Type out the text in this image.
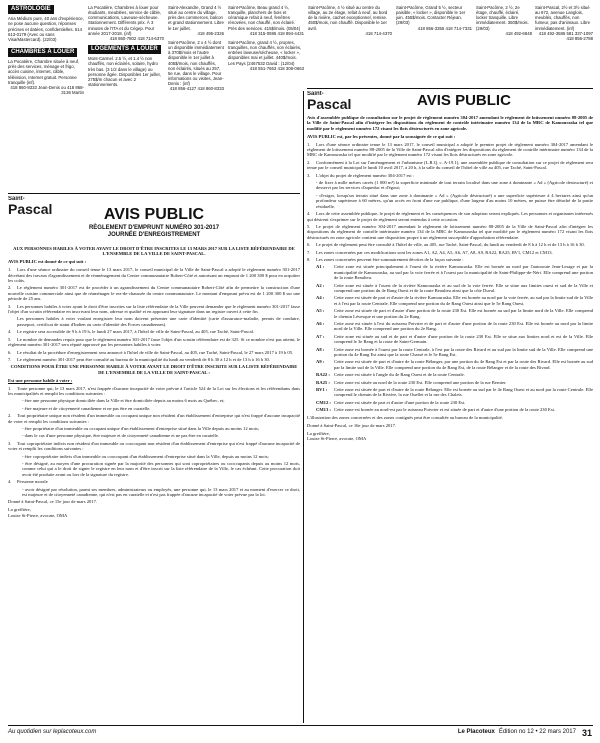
ASTROLOGIE
Ana Médium pure, 40 ans d'expérience, ne pose aucune question, réponses précises et datées, confidentielles. 514 613-0179 (Avec ou sans Visa/Mastercard). (22/03)
CHAMBRES À LOUER
La Pocatière, Chambre située à neuf, près des services, ménage et frigo, accès cuisine, internet, câble, télévision, Internet gratuit. Personne tranquille (inf).
418 860-8333 Jean-Denis ou 418 868-3136 Martin
La Pocatière, Chambres à louer pour étudiants, meublées, service de câble, communications, Laveuse-sécheuse. Stationnement. Différents prix. À 3 minutes de l'ITA et du Cégep. Pour année 2017-2018. (inf)
418 860-7802 418 714-6370
LOGEMENTS À LOUER
Mont-Carmel. 2.5 ½, et 1.4 ½ non chauffés, non éclairés, solaire, hydro très bas. (3 1/2 dans le village) ou personne âgée. Disponibles 1er juillet, 275$/m chacun et avec 2 stationnements.
Saint-Alexandre, Grand 4 ½ situé au centre du village, près des commerces, balcon et grand stationnement. Libre le 1er juillet.
418 495-2326
Saint-Pacôme, 2 x 4 ½ dont un disponible immédiatement à 370$/mois et l'autre disponible le 1er juillet à 405$/mois, non chauffés, non éclairés, situés au 257, 5e rue, dans le village. Pour informations ou visites, Jean-Denis : (inf)
418 856-4127 418 860-8333
Saint-Pacôme, Beau grand 4 ½, tranquille, planchers de bois et céramique refait à neuf, fenêtres rénovées, non chauffé, non éclairé. Près des services. 415$/mois. (05/04)
418 315-0595 418 894-4431
Saint-Pacôme, grand 4 ½, propres, tranquilles, non chauffés, non éclairés, entrées laveuse/sécheuse, « locker », disponibles mai et juillet. 440$/mois. Les Pays (2467532 David : (12/04)
418 551-7663 418 308-0663
Saint-Pacôme, 4 ½ situé au centre du village, au 2e étage, refait à neuf, au bord de la rivière, cachet exceptionnel, remise. 450$/mois, non chauffé. Disponible le 1er avril.
418 714-4370
Saint-Pacôme, Grand 5 ½, secteur paisible, « locker », disponible le 1er juin. 455$/mois. Contacter Réjean. (29/03)
418 856-3355 418 714-7331
Saint-Pacôme, 2 ½, 2e étage, chauffé, éclairé, locker tranquille. Libre immédiatement. 350$/mois. (29/03)
418 492-6848
Saint-Pascal, 2½ et 3½ situé au 672, avenue Langlois, meublés, chauffés, non fumeur, pas d'animaux. Libre immédiatement. (inf)
418 492-3586 581 337-1097 418 856-2788
Saint-
Pascal	AVIS PUBLIC

Avis d'assemblée publique de consultation sur le projet de règlement numéro 304-2017 amendant le règlement de lotissement numéro 88-2005 de la Ville de Saint-Pascal afin d'intégrer les dispositions du règlement de contrôle intérimaire numéro 134 de la MRC de Kamouraska tel que modifié par le règlement numéro 172 visant les îlots déstructurés en zone agricole.

AVIS PUBLIC est, par les présentes, donné par la soussignée de ce qui suit :

1. Lors d'une séance ordinaire tenue le 13 mars 2017, le conseil municipal a adopté le premier projet de règlement numéro 304-2017 amendant le règlement de lotissement numéro 88-2005 de la Ville de Saint-Pascal afin d'intégrer les dispositions du règlement de contrôle intérimaire numéro 134 de la MRC de Kamouraska tel que modifié par le règlement numéro 172 visant les îlots déstructurés en zone agricole.
2. Conformément à la Loi sur l'aménagement et l'urbanisme (L.R.Q. c. A-19.1), une assemblée publique de consultation sur ce projet de règlement sera tenue par le conseil municipal le lundi 10 avril 2017, à 20 h, à la salle du conseil de l'hôtel de ville au 405, rue Taché, Saint-Pascal.
3. L'objet du projet de règlement numéro 304-2017 est :
- de fixer à mille mètres carrés (1 000 m²) la superficie minimale de tout terrain localisé dans une zone à dominante « Ad » (Agricole destructuré) et desservi par les services d'aqueduc et d'égout;
- d'exiger, lorsqu'un terrain situé dans une zone à dominante « Ad » (Agricole déstructuré) a une superficie supérieure à 4 hectares ainsi qu'un profondeur supérieure à 60 mètres, qu'un accès en front d'une rue publique, d'une largeur d'au moins 10 mètres, ne puisse être détaché de la partie résiduelle.
4. Lors de cette assemblée publique, le projet de règlement et les conséquences de son adoption seront expliqués. Les personnes et organismes intéressés qui désirent s'exprimer sur le projet de règlement seront entendus à cette occasion.
5. Le projet de règlement numéro 304-2017 amendant le règlement de lotissement numéro 88-2005 de la Ville de Saint-Pascal afin d'intégrer les dispositions du règlement de contrôle intérimaire numéro 134 de la MRC de Kamouraska tel que modifié par le règlement numéro 172 visant les îlots déstructurés en zone agricole contient une disposition propre à un règlement susceptible d'approbation référendaire.
6. Le projet de règlement peut être consulté à l'hôtel de ville, au 405, rue Taché, Saint-Pascal, du lundi au vendredi de 8 h à 12 h et de 13 h à 16 h 30.
7. Les zones concernées par ces modifications sont les zones A1, A2, A4, A5, A6, A7, A8, A9, RA22, RA25, RV1, CM12 et CM13.
8. Les zones concernées peuvent être sommairement décrites de la façon suivante :
A1 :	Cette zone est située principalement à l'ouest de la rivière Kamouraska. Elle est bornée au nord par l'autoroute Jean-Lesage et par la municipalité de Kamouraska, au sud par la voie ferrée et à l'ouest par la municipalité de Saint-Philippe-de-Néri. Elle comprend une portion de la route Beaulieu.
A2 :	Cette zone est située à l'ouest de la rivière Kamouraska et au sud de la voie ferrée. Elle se situe aux limites ouest et sud de la Ville et comprend une portion du 4e Rang Ouest et de la route Beaulieu ainsi que la côte Duval.
A4 :	Cette zone est située de part et d'autre de la rivière Kamouraska. Elle est bornée au nord par la voie ferrée, au sud par la limite sud de la Ville et à l'est par la route Centrale. Elle comprend une portion du 4e Rang Ouest ainsi que le 5e Rang Ouest.
A5 :	Cette zone est située de part et d'autre d'une portion de la route 230 Est. Elle est bornée au sud par la limite nord de la Ville. Elle comprend le chemin Lévesque et une portion du 2e Rang.
A6 :	Cette zone est située à l'est du ruisseau Poivrier et de part et d'autre d'une portion de la route 230 Est. Elle est bornée au nord par la limite nord de la Ville. Elle comprend une portion du 2e Rang.
A7 :	Cette zone est située au sud et de part et d'autre d'une portion de la route 230 Est. Elle se situe aux limites nord et est de la Ville. Elle comprend le 3e Rang et la route de Saint-Germain.
A8 :	Cette zone est bornée à l'ouest par la route Centrale, à l'est par la route des Rivard et au sud par la limite sud de la Ville. Elle comprend une portion du 4e Rang Est ainsi que la route Chassé et le 5e Rang Est.
A9 :	Cette zone est située de part et d'autre de la route Bélanger, par une portion du 4e Rang Est et par la route des Rivard. Elle est bornée au sud par la limite sud de la Ville. Elle comprend une portion du 4e Rang Est, de la route Bélanger et de la route des Rivard.
RA22 : Cette zone est située à l'angle du 4e Rang Ouest et de la route Centrale.
RA25 : Cette zone est située au nord de la route 230 Est. Elle comprend une portion de la rue Bernier.
RV1 :	Cette zone est située de part et d'autre de la route Bélanger. Elle est bornée au sud par le 4e Rang Ouest et au nord par la route Centrale. Elle comprend le chemin de la Rivière, la rue Ouellet et la rue des Chalets.
CM12 : Cette zone est située de part et d'autre d'une portion de la route 230 Est.
CM13 : Cette zone est bornée au nord-est par le ruisseau Poivrier et est située de part et d'autre d'une portion de la route 230 Est.

L'illustration des zones concernées et des zones contiguës peut être consultée au bureau de la municipalité.

Donné à Saint-Pascal, ce 16e jour de mars 2017.

La greffière,
Louise St-Pierre, avocate, OMA
Saint-
Pascal	AVIS PUBLIC
RÈGLEMENT D'EMPRUNT NUMÉRO 301-2017
JOURNÉE D'ENREGISTREMENT

AUX PERSONNES HABILES À VOTER AYANT LE DROIT D'ÊTRE INSCRITES LE 13 MARS 2017 SUR LA LISTE RÉFÉRENDAIRE DE L'ENSEMBLE DE LA VILLE DE SAINT-PASCAL.

AVIS PUBLIC est donné de ce qui suit :

1. Lors d'une séance ordinaire du conseil tenue le 13 mars 2017, le conseil municipal de la Ville de Saint-Pascal a adopté le règlement numéro 301-2017 décrétant des travaux d'agrandissement et de réaménagement du Centre communautaire Robert-Côté et autorisant un emprunt de 1 200 300 $ pour en acquitter les coûts.
2. Le règlement numéro 301-2017 est de procéder à un agrandissement du Centre communautaire Robert-Côté afin de permettre la construction d'une nouvelle cuisine commerciale ainsi que de réaménager le rez-de-chaussée du centre communautaire. Le montant d'emprunt prévu est de 1 200 300 $ sur une période de 25 ans.
3. Les personnes habiles à voter ayant le droit d'être inscrites sur la liste référendaire de la Ville peuvent demander que le règlement numéro 301-2017 fasse l'objet d'un scrutin référendaire en inscrivant leur nom, adresse et qualité et en apposant leur signature dans un registre ouvert à cette fin.
Les personnes habiles à voter voulant enregistrer leur nom doivent présenter une carte d'identité (carte d'assurance-maladie, permis de conduire, passeport, certificat de statut d'Indien ou carte d'identité des Forces canadiennes).
4. Le registre sera accessible de 9 h à 19 h, le lundi 27 mars 2017, à l'hôtel de ville de Saint-Pascal, au 405, rue Taché, Saint-Pascal.
5. Le nombre de demandes requis pour que le règlement numéro 301-2017 fasse l'objet d'un scrutin référendaire est de 325. Si ce nombre n'est pas atteint, le règlement numéro 301-2017 sera réputé approuvé par les personnes habiles à voter.
6. Le résultat de la procédure d'enregistrement sera annoncé à l'hôtel de ville de Saint-Pascal, au 405, rue Taché, Saint-Pascal, le 27 mars 2017 à 19 h 05.
7. Le règlement numéro 301-2017 peut être consulté au bureau de la municipalité du lundi au vendredi de 8 h 30 à 12 h et de 13 h à 16 h 30.

CONDITIONS POUR ÊTRE UNE PERSONNE HABILE À VOTER AYANT LE DROIT D'ÊTRE INSCRITE SUR LA LISTE RÉFÉRENDAIRE DE L'ENSEMBLE DE LA VILLE DE SAINT-PASCAL :

Est une personne habile à voter :

1. Toute personne qui, le 13 mars 2017, n'est frappée d'aucune incapacité de voter prévue à l'article 524 de la Loi sur les élections et les référendums dans les municipalités et remplit les conditions suivantes :
- être une personne physique domiciliée dans la Ville et être domiciliée depuis au moins 6 mois au Québec, et;
- être majeure et de citoyenneté canadienne et ne pas être en curatelle.
2. Tout propriétaire unique non résident d'un immeuble ou occupant unique non résident d'un établissement d'entreprise qui n'est frappé d'aucune incapacité de voter et remplit les conditions suivantes :
- être propriétaire d'un immeuble ou occupant unique d'un établissement d'entreprise situé dans la Ville depuis au moins 12 mois;
- dans le cas d'une personne physique, être majeure et de citoyenneté canadienne et ne pas être en curatelle.
3. Tout copropriétaire indivis non résident d'un immeuble ou cooccupant non résident d'un établissement d'entreprise qui n'est frappé d'aucune incapacité de voter et remplit les conditions suivantes :
- être copropriétaire indivis d'un immeuble ou cooccupant d'un établissement d'entreprise situé dans la Ville, depuis au moins 12 mois;
- être désigné, au moyen d'une procuration signée par la majorité des personnes qui sont copropriétaires ou cooccupants depuis au moins 12 mois, comme celui qui a le droit de signer le registre en leur nom et d'être inscrit sur la liste référendaire de la Ville, le cas échéant. Cette procuration doit avoir été produite avant ou lors de la signature du registre.
4. Personne morale
- avoir désigné par résolution, parmi ses membres, administrateurs ou employés, une personne qui, le 13 mars 2017 et au moment d'exercer ce droit, est majeure et de citoyenneté canadienne, qui n'est pas en curatelle et n'est pas frappée d'aucune incapacité de voter prévue par la loi.

Donné à Saint-Pascal, ce 15e jour de mars 2017.

La greffière,
Louise St-Pierre, avocate, OMA
Au quotidien sur leplacoteux.com	Le Placoteux Édition no 12 • 22 mars 2017 31
